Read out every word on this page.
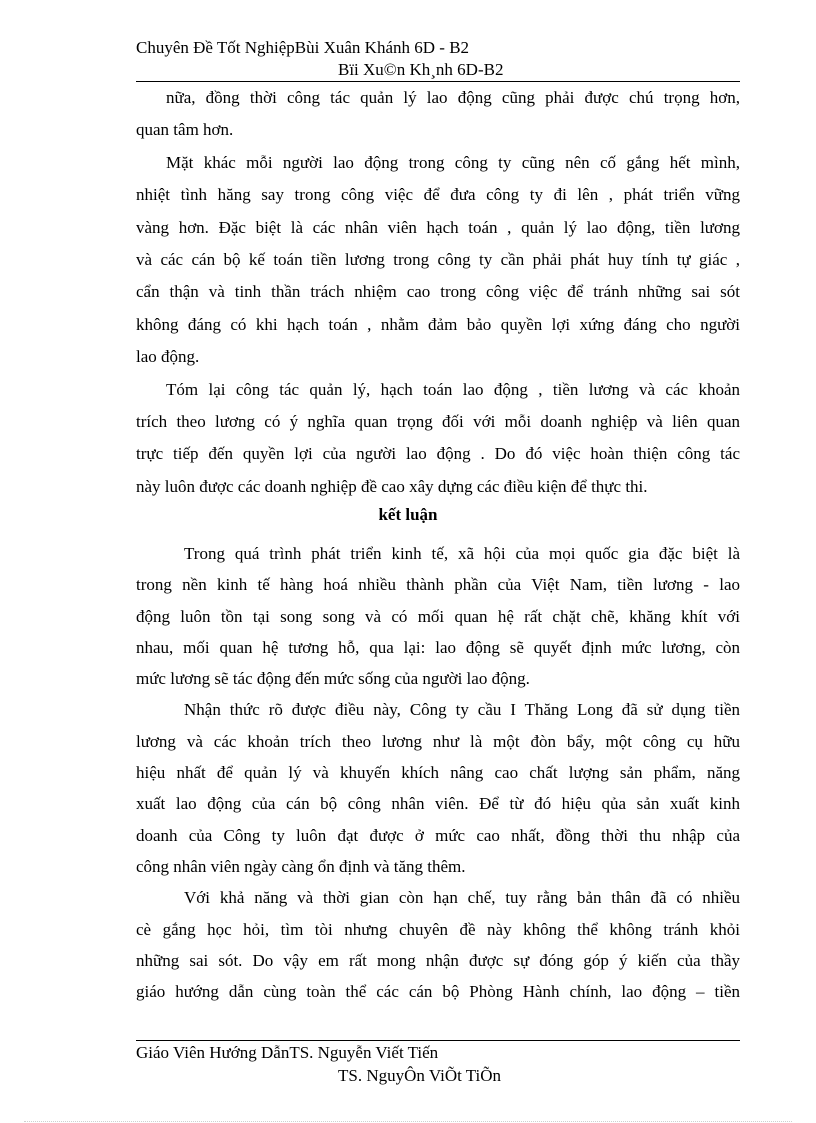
Chuyên Đề Tốt NghiệpBùi Xuân Khánh 6D - B2
Bïi Xu©n Kh¸nh 6D-B2
nữa, đồng thời công tác quản lý lao động cũng phải được chú trọng hơn,
quan tâm hơn.
Mặt khác mỗi người lao động trong công ty cũng nên cố gắng hết mình,
nhiệt tình hăng say trong công việc để đưa công ty đi lên , phát triển vững
vàng hơn. Đặc biệt là các nhân viên hạch toán , quản lý lao động, tiền lương
và các cán bộ kế toán tiền lương trong công ty cần phải phát huy tính tự giác ,
cẩn thận và tinh thần trách nhiệm cao trong công việc để tránh những sai sót
không đáng có khi hạch toán , nhằm đảm bảo quyền lợi xứng đáng cho người
lao động.
Tóm lại công tác quản lý, hạch toán lao động , tiền lương và các khoản
trích theo lương có ý nghĩa quan trọng đối với mỗi doanh nghiệp và liên quan
trực tiếp đến quyền lợi của người lao động . Do đó việc hoàn thiện công tác
này luôn được các doanh nghiệp đề cao xây dựng các điều kiện để thực thi.
kết luận
Trong quá trình phát triển kinh tế, xã hội của mọi quốc gia đặc biệt là
trong nền kinh tế hàng hoá nhiều thành phần của Việt Nam, tiền lương - lao
động luôn tồn tại song song và có mối quan hệ rất chặt chẽ, khăng khít với
nhau, mối quan hệ tương hỗ, qua lại: lao động sẽ quyết định mức lương, còn
mức lương sẽ tác động đến mức sống của người lao động.
Nhận thức rõ được điều này, Công ty cầu I Thăng Long đã sử dụng tiền
lương và các khoản trích theo lương như là một đòn bẩy, một công cụ hữu
hiệu nhất để quản lý và khuyến khích nâng cao chất lượng sản phẩm, năng
xuất lao động của cán bộ công nhân viên. Để từ đó hiệu qủa sản xuất kinh
doanh của Công ty luôn đạt được ở mức cao nhất, đồng thời thu nhập của
công nhân viên ngày càng ổn định và tăng thêm.
Với khả năng và thời gian còn hạn chế, tuy rằng bản thân đã có nhiều
cè gắng học hỏi, tìm tòi nhưng chuyên đề này không thể không tránh khỏi
những sai sót. Do vậy em rất mong nhận được sự đóng góp ý kiến của thầy
giáo hướng dẫn cùng toàn thể các cán bộ Phòng Hành chính, lao động – tiền
Giáo Viên Hướng DẫnTS. Nguyễn Viết Tiến
TS. NguyÔn ViÕt TiÕn
